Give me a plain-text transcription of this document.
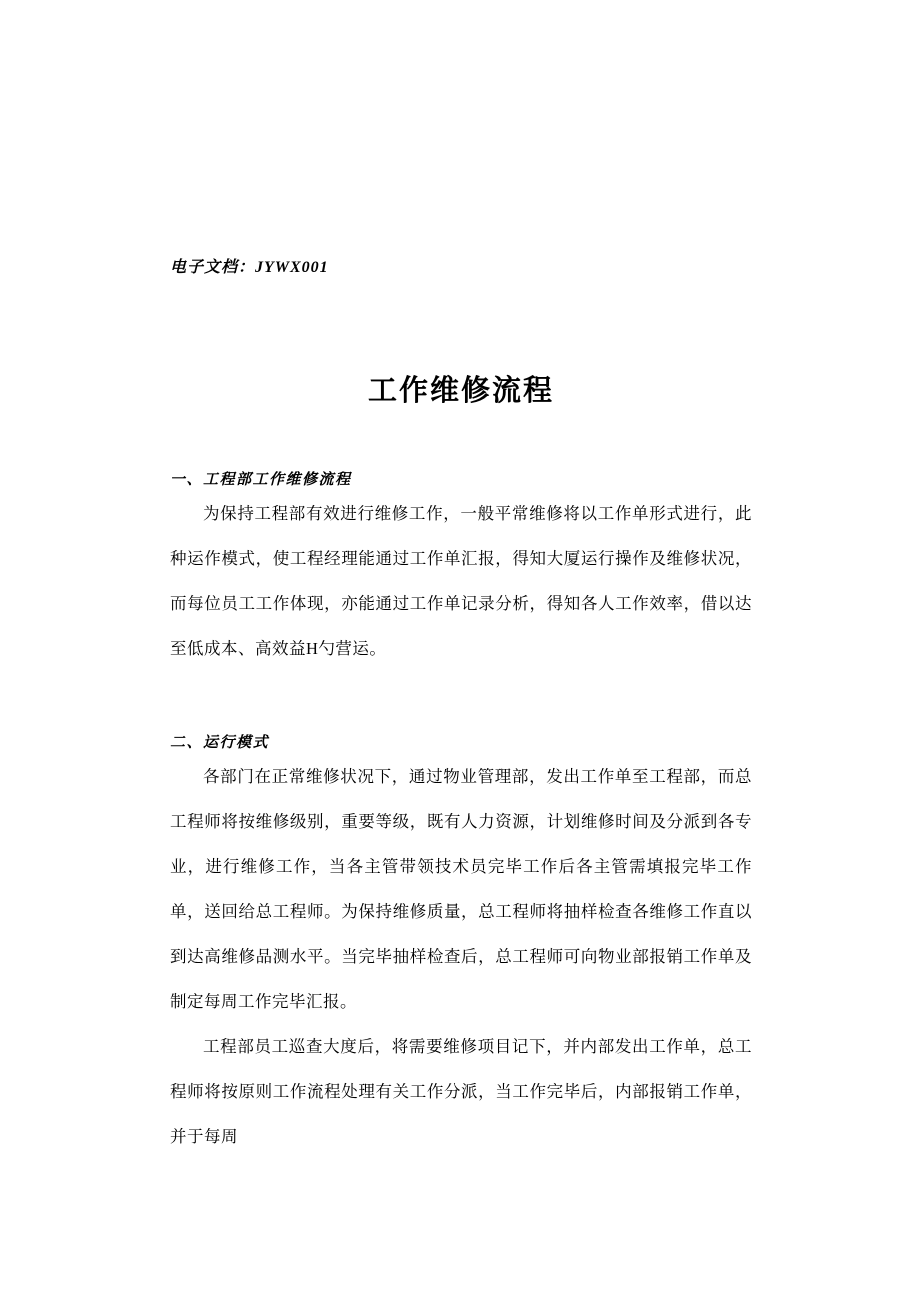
电子文档：JYWX001
工作维修流程
一、工程部工作维修流程

为保持工程部有效进行维修工作，一般平常维修将以工作单形式进行，此种运作模式，使工程经理能通过工作单汇报，得知大厦运行操作及维修状况，而每位员工工作体现，亦能通过工作单记录分析，得知各人工作效率，借以达至低成本、高效益H勺营运。

二、运行模式

各部门在正常维修状况下，通过物业管理部，发出工作单至工程部，而总工程师将按维修级别，重要等级，既有人力资源，计划维修时间及分派到各专业，进行维修工作，当各主管带领技术员完毕工作后各主管需填报完毕工作单，送回给总工程师。为保持维修质量，总工程师将抽样检查各维修工作直以到达高维修品测水平。当完毕抽样检查后，总工程师可向物业部报销工作单及制定每周工作完毕汇报。

工程部员工巡查大度后，将需要维修项目记下，并内部发出工作单，总工程师将按原则工作流程处理有关工作分派，当工作完毕后，内部报销工作单，并于每周
